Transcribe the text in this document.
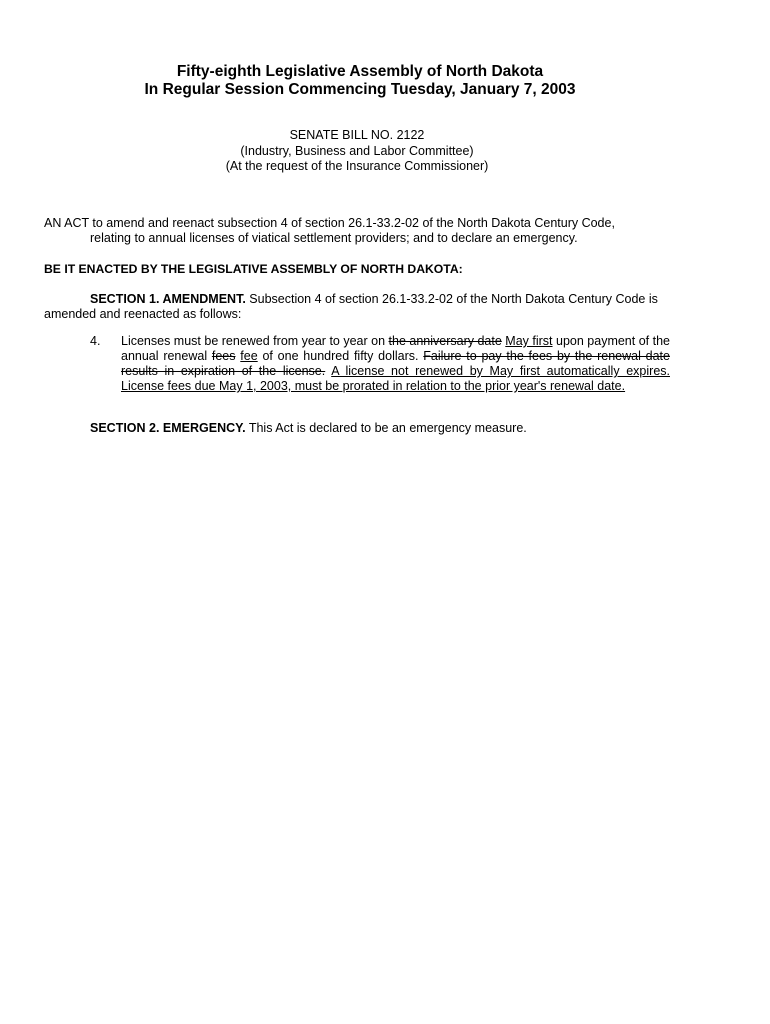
Fifty-eighth Legislative Assembly of North Dakota
In Regular Session Commencing Tuesday, January 7, 2003
SENATE BILL NO. 2122
(Industry, Business and Labor Committee)
(At the request of the Insurance Commissioner)
AN ACT to amend and reenact subsection 4 of section 26.1-33.2-02 of the North Dakota Century Code,
relating to annual licenses of viatical settlement providers; and to declare an emergency.
BE IT ENACTED BY THE LEGISLATIVE ASSEMBLY OF NORTH DAKOTA:
SECTION 1. AMENDMENT. Subsection 4 of section 26.1-33.2-02 of the North Dakota Century Code is amended and reenacted as follows:
4. Licenses must be renewed from year to year on the anniversary date May first upon payment of the annual renewal fees fee of one hundred fifty dollars. Failure to pay the fees by the renewal date results in expiration of the license. A license not renewed by May first automatically expires. License fees due May 1, 2003, must be prorated in relation to the prior year's renewal date.
SECTION 2. EMERGENCY. This Act is declared to be an emergency measure.
